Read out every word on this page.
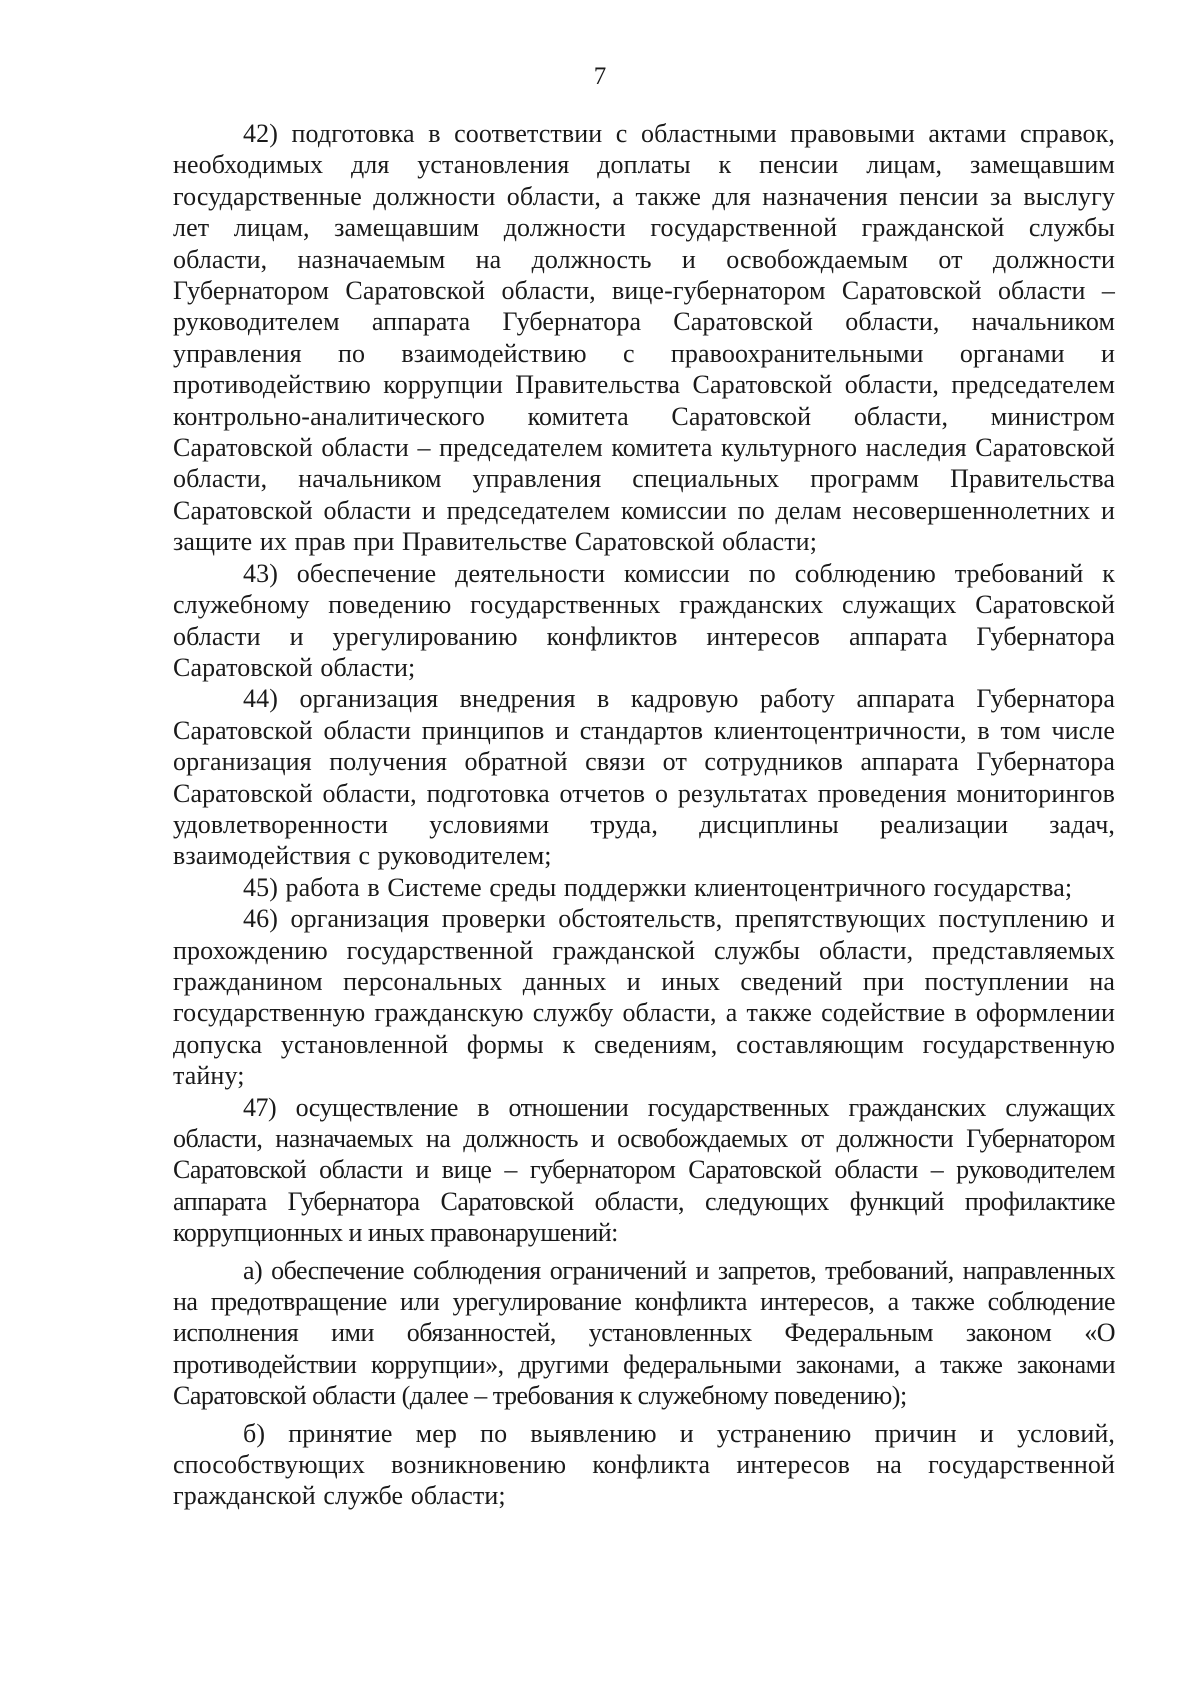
7

42) подготовка в соответствии с областными правовыми актами справок, необходимых для установления доплаты к пенсии лицам, замещавшим государственные должности области, а также для назначения пенсии за выслугу лет лицам, замещавшим должности государственной гражданской службы области, назначаемым на должность и освобождаемым от должности Губернатором Саратовской области, вице-губернатором Саратовской области – руководителем аппарата Губернатора Саратовской области, начальником управления по взаимодействию с правоохранительными органами и противодействию коррупции Правительства Саратовской области, председателем контрольно-аналитического комитета Саратовской области, министром Саратовской области – председателем комитета культурного наследия Саратовской области, начальником управления специальных программ Правительства Саратовской области и председателем комиссии по делам несовершеннолетних и защите их прав при Правительстве Саратовской области;

43) обеспечение деятельности комиссии по соблюдению требований к служебному поведению государственных гражданских служащих Саратовской области и урегулированию конфликтов интересов аппарата Губернатора Саратовской области;

44) организация внедрения в кадровую работу аппарата Губернатора Саратовской области принципов и стандартов клиентоцентричности, в том числе организация получения обратной связи от сотрудников аппарата Губернатора Саратовской области, подготовка отчетов о результатах проведения мониторингов удовлетворенности условиями труда, дисциплины реализации задач, взаимодействия с руководителем;

45) работа в Системе среды поддержки клиентоцентричного государства;

46) организация проверки обстоятельств, препятствующих поступлению и прохождению государственной гражданской службы области, представляемых гражданином персональных данных и иных сведений при поступлении на государственную гражданскую службу области, а также содействие в оформлении допуска установленной формы к сведениям, составляющим государственную тайну;

47) осуществление в отношении государственных гражданских служащих области, назначаемых на должность и освобождаемых от должности Губернатором Саратовской области и вице – губернатором Саратовской области – руководителем аппарата Губернатора Саратовской области, следующих функций профилактике коррупционных и иных правонарушений:

а) обеспечение соблюдения ограничений и запретов, требований, направленных на предотвращение или урегулирование конфликта интересов, а также соблюдение исполнения ими обязанностей, установленных Федеральным законом «О противодействии коррупции», другими федеральными законами, а также законами Саратовской области (далее – требования к служебному поведению);

б) принятие мер по выявлению и устранению причин и условий, способствующих возникновению конфликта интересов на государственной гражданской службе области;
